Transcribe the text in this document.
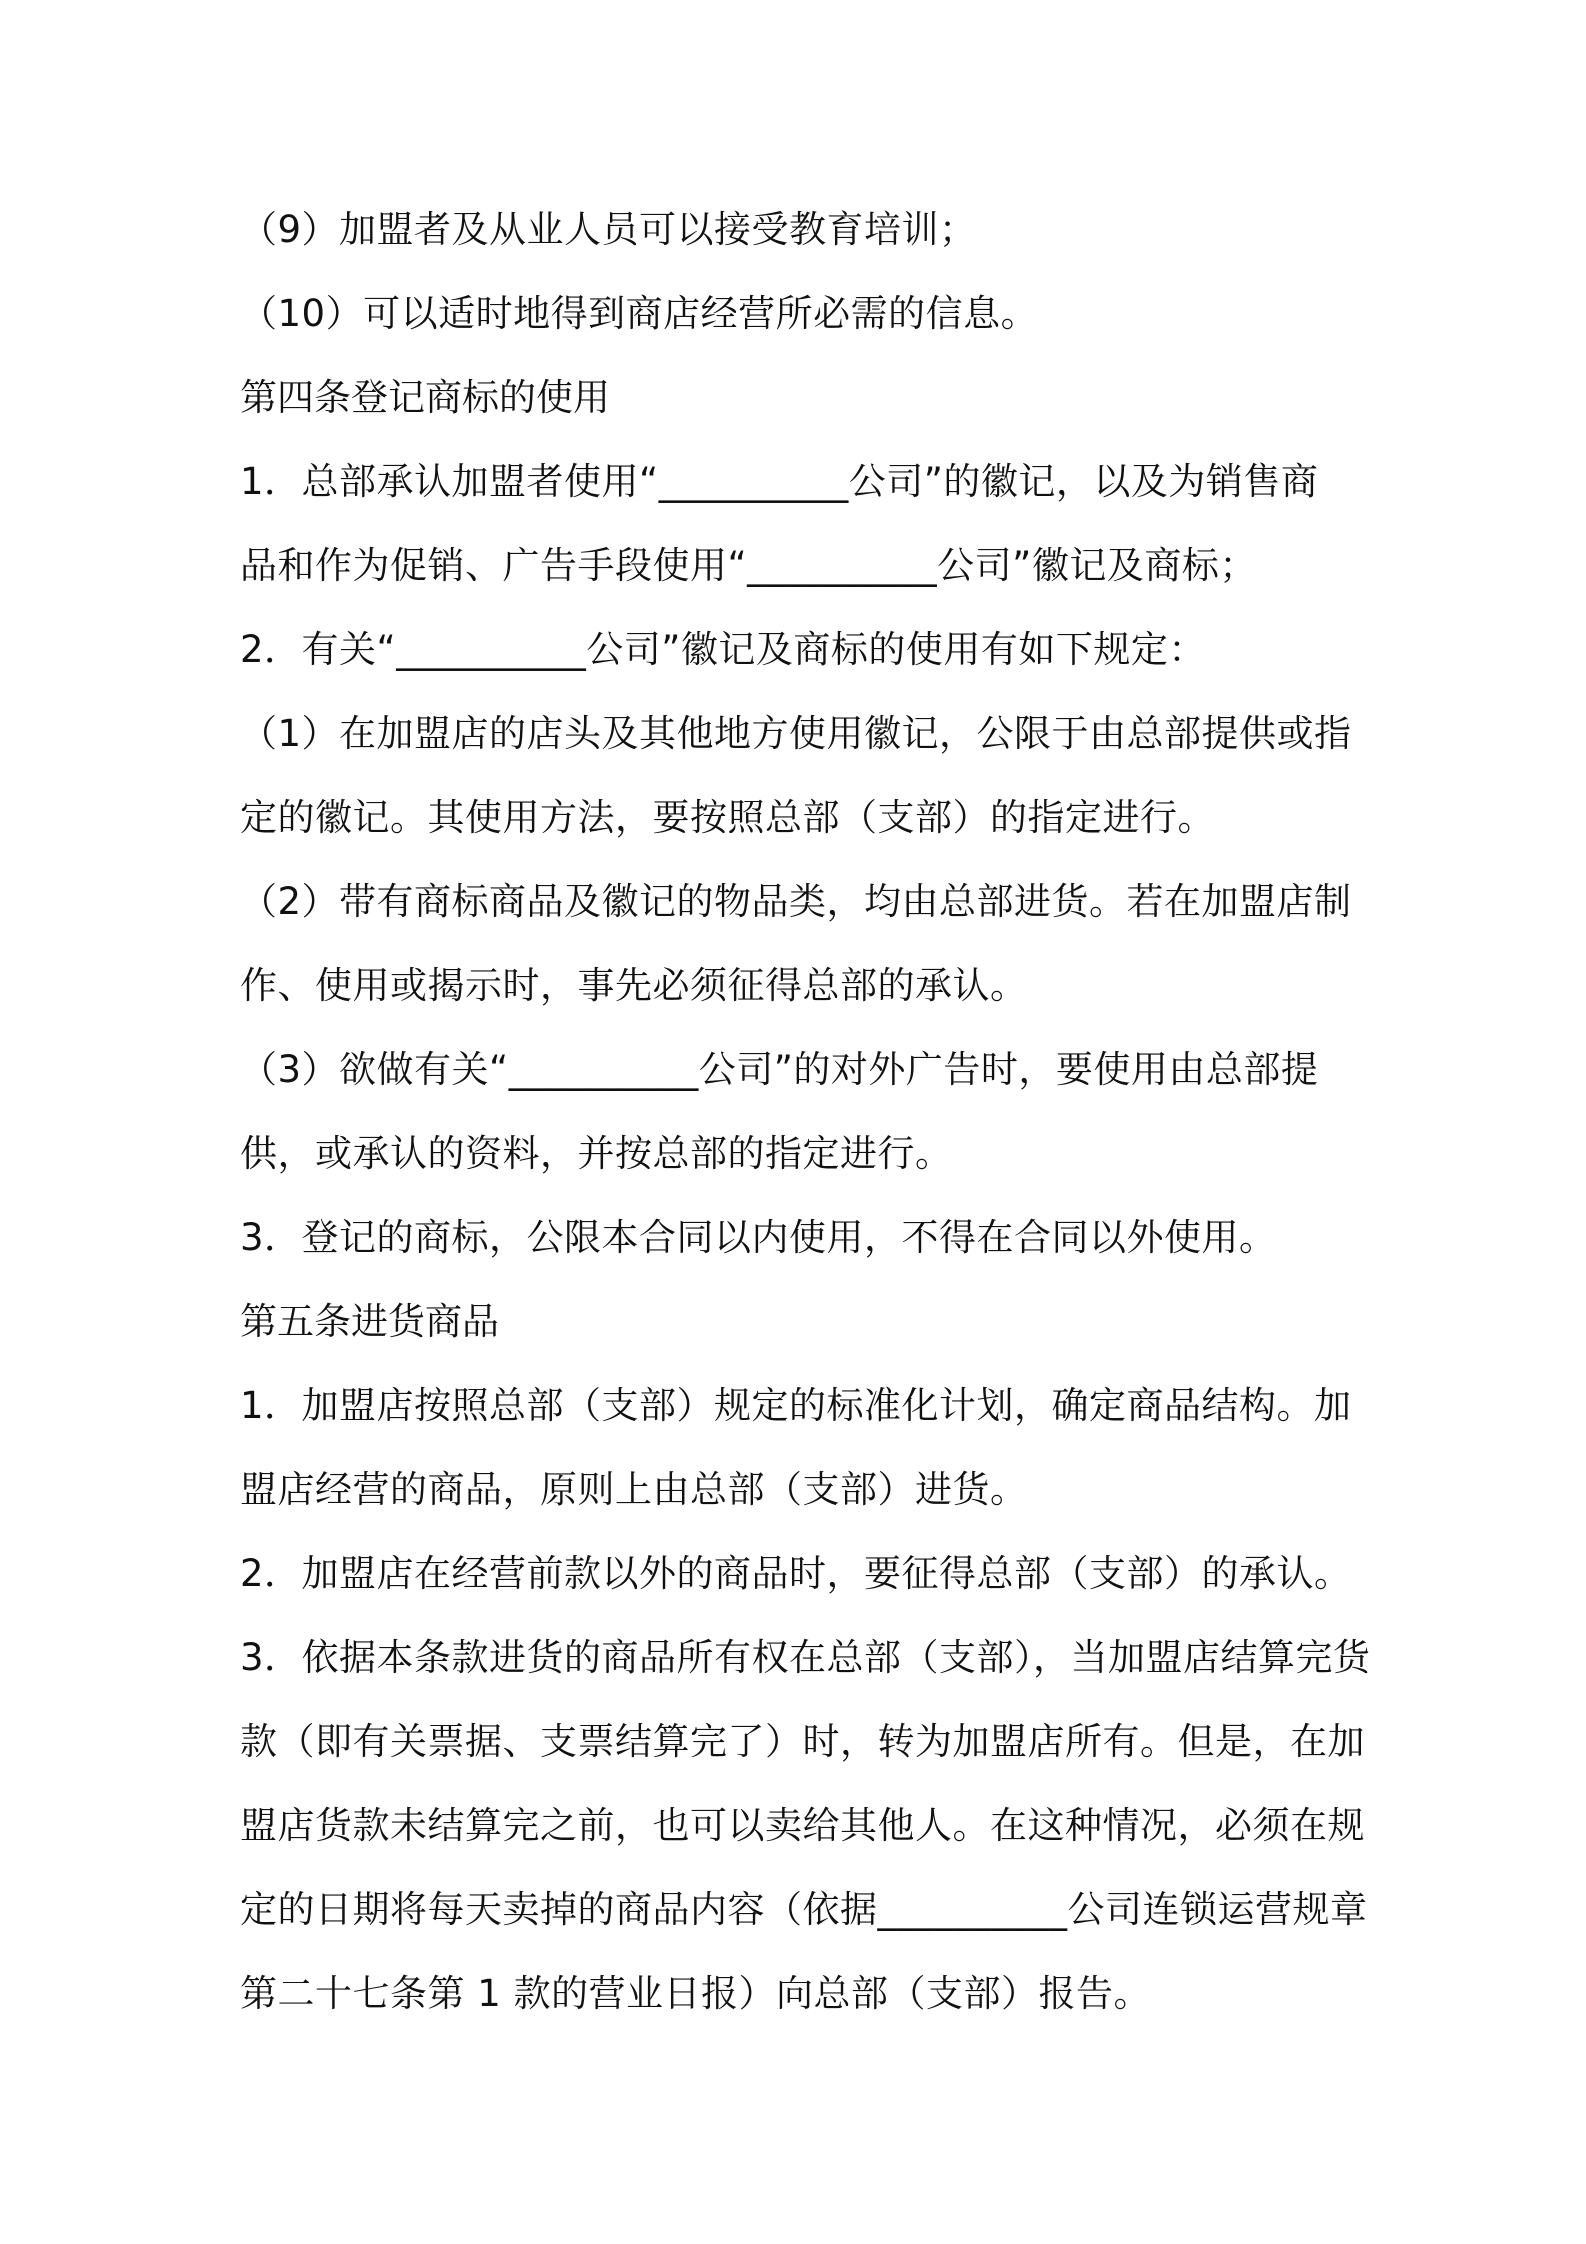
（9）加盟者及从业人员可以接受教育培训；
（10）可以适时地得到商店经营所必需的信息。
第四条登记商标的使用
1．总部承认加盟者使用“__________公司”的徽记，以及为销售商
品和作为促销、广告手段使用“__________公司”徽记及商标；
2．有关“__________公司”徽记及商标的使用有如下规定：
（1）在加盟店的店头及其他地方使用徽记，公限于由总部提供或指
定的徽记。其使用方法，要按照总部（支部）的指定进行。
（2）带有商标商品及徽记的物品类，均由总部进货。若在加盟店制
作、使用或揭示时，事先必须征得总部的承认。
（3）欲做有关“__________公司”的对外广告时，要使用由总部提
供，或承认的资料，并按总部的指定进行。
3．登记的商标，公限本合同以内使用，不得在合同以外使用。
第五条进货商品
1．加盟店按照总部（支部）规定的标准化计划，确定商品结构。加
盟店经营的商品，原则上由总部（支部）进货。
2．加盟店在经营前款以外的商品时，要征得总部（支部）的承认。
3．依据本条款进货的商品所有权在总部（支部），当加盟店结算完货
款（即有关票据、支票结算完了）时，转为加盟店所有。但是，在加
盟店货款未结算完之前，也可以卖给其他人。在这种情况，必须在规
定的日期将每天卖掉的商品内容（依据__________公司连锁运营规章
第二十七条第 1 款的营业日报）向总部（支部）报告。
